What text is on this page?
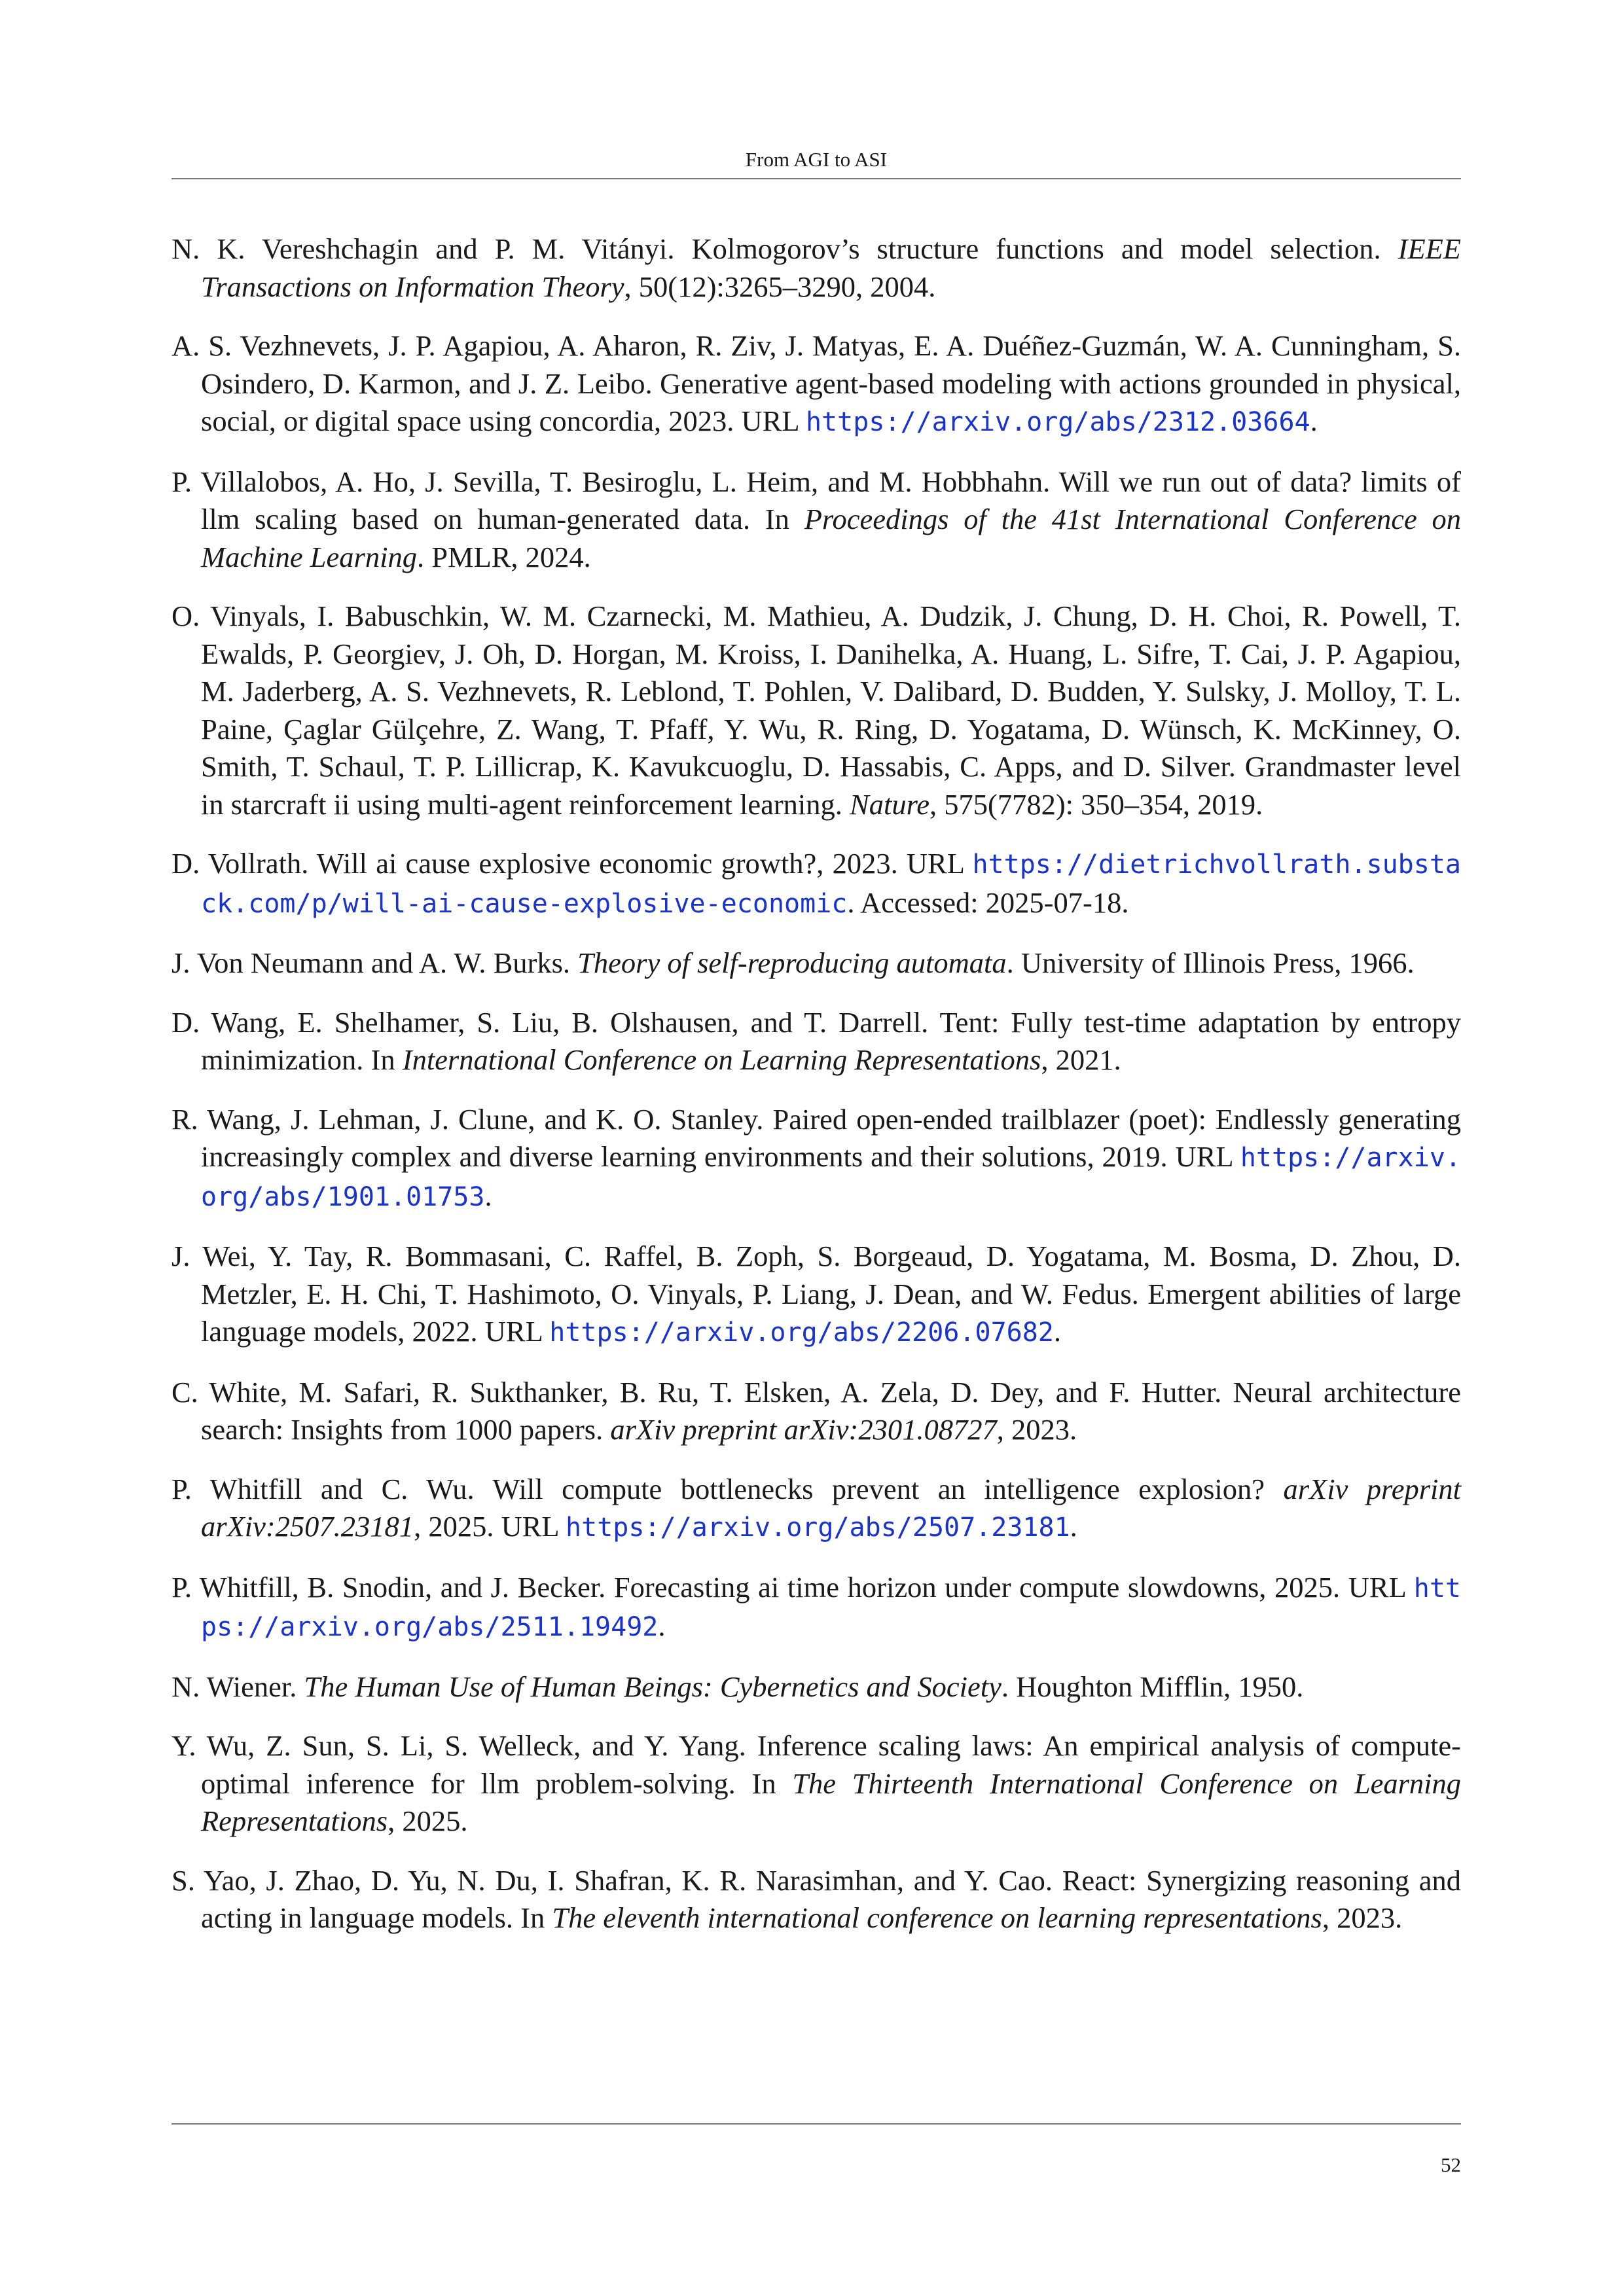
From AGI to ASI
N. K. Vereshchagin and P. M. Vitányi. Kolmogorov’s structure functions and model selection. IEEE Transactions on Information Theory, 50(12):3265–3290, 2004.
A. S. Vezhnevets, J. P. Agapiou, A. Aharon, R. Ziv, J. Matyas, E. A. Duéñez-Guzmán, W. A. Cunningham, S. Osindero, D. Karmon, and J. Z. Leibo. Generative agent-based modeling with actions grounded in physical, social, or digital space using concordia, 2023. URL https://arxiv.org/abs/2312.03664.
P. Villalobos, A. Ho, J. Sevilla, T. Besiroglu, L. Heim, and M. Hobbhahn. Will we run out of data? limits of llm scaling based on human-generated data. In Proceedings of the 41st International Conference on Machine Learning. PMLR, 2024.
O. Vinyals, I. Babuschkin, W. M. Czarnecki, M. Mathieu, A. Dudzik, J. Chung, D. H. Choi, R. Powell, T. Ewalds, P. Georgiev, J. Oh, D. Horgan, M. Kroiss, I. Danihelka, A. Huang, L. Sifre, T. Cai, J. P. Agapiou, M. Jaderberg, A. S. Vezhnevets, R. Leblond, T. Pohlen, V. Dalibard, D. Budden, Y. Sulsky, J. Molloy, T. L. Paine, Çaglar Gülçehre, Z. Wang, T. Pfaff, Y. Wu, R. Ring, D. Yogatama, D. Wünsch, K. McKinney, O. Smith, T. Schaul, T. P. Lillicrap, K. Kavukcuoglu, D. Hassabis, C. Apps, and D. Silver. Grandmaster level in starcraft ii using multi-agent reinforcement learning. Nature, 575(7782): 350–354, 2019.
D. Vollrath. Will ai cause explosive economic growth?, 2023. URL https://dietrichvollrath.substack.com/p/will-ai-cause-explosive-economic. Accessed: 2025-07-18.
J. Von Neumann and A. W. Burks. Theory of self-reproducing automata. University of Illinois Press, 1966.
D. Wang, E. Shelhamer, S. Liu, B. Olshausen, and T. Darrell. Tent: Fully test-time adaptation by entropy minimization. In International Conference on Learning Representations, 2021.
R. Wang, J. Lehman, J. Clune, and K. O. Stanley. Paired open-ended trailblazer (poet): Endlessly generating increasingly complex and diverse learning environments and their solutions, 2019. URL https://arxiv.org/abs/1901.01753.
J. Wei, Y. Tay, R. Bommasani, C. Raffel, B. Zoph, S. Borgeaud, D. Yogatama, M. Bosma, D. Zhou, D. Metzler, E. H. Chi, T. Hashimoto, O. Vinyals, P. Liang, J. Dean, and W. Fedus. Emergent abilities of large language models, 2022. URL https://arxiv.org/abs/2206.07682.
C. White, M. Safari, R. Sukthanker, B. Ru, T. Elsken, A. Zela, D. Dey, and F. Hutter. Neural architecture search: Insights from 1000 papers. arXiv preprint arXiv:2301.08727, 2023.
P. Whitfill and C. Wu. Will compute bottlenecks prevent an intelligence explosion? arXiv preprint arXiv:2507.23181, 2025. URL https://arxiv.org/abs/2507.23181.
P. Whitfill, B. Snodin, and J. Becker. Forecasting ai time horizon under compute slowdowns, 2025. URL https://arxiv.org/abs/2511.19492.
N. Wiener. The Human Use of Human Beings: Cybernetics and Society. Houghton Mifflin, 1950.
Y. Wu, Z. Sun, S. Li, S. Welleck, and Y. Yang. Inference scaling laws: An empirical analysis of compute-optimal inference for llm problem-solving. In The Thirteenth International Conference on Learning Representations, 2025.
S. Yao, J. Zhao, D. Yu, N. Du, I. Shafran, K. R. Narasimhan, and Y. Cao. React: Synergizing reasoning and acting in language models. In The eleventh international conference on learning representations, 2023.
52
